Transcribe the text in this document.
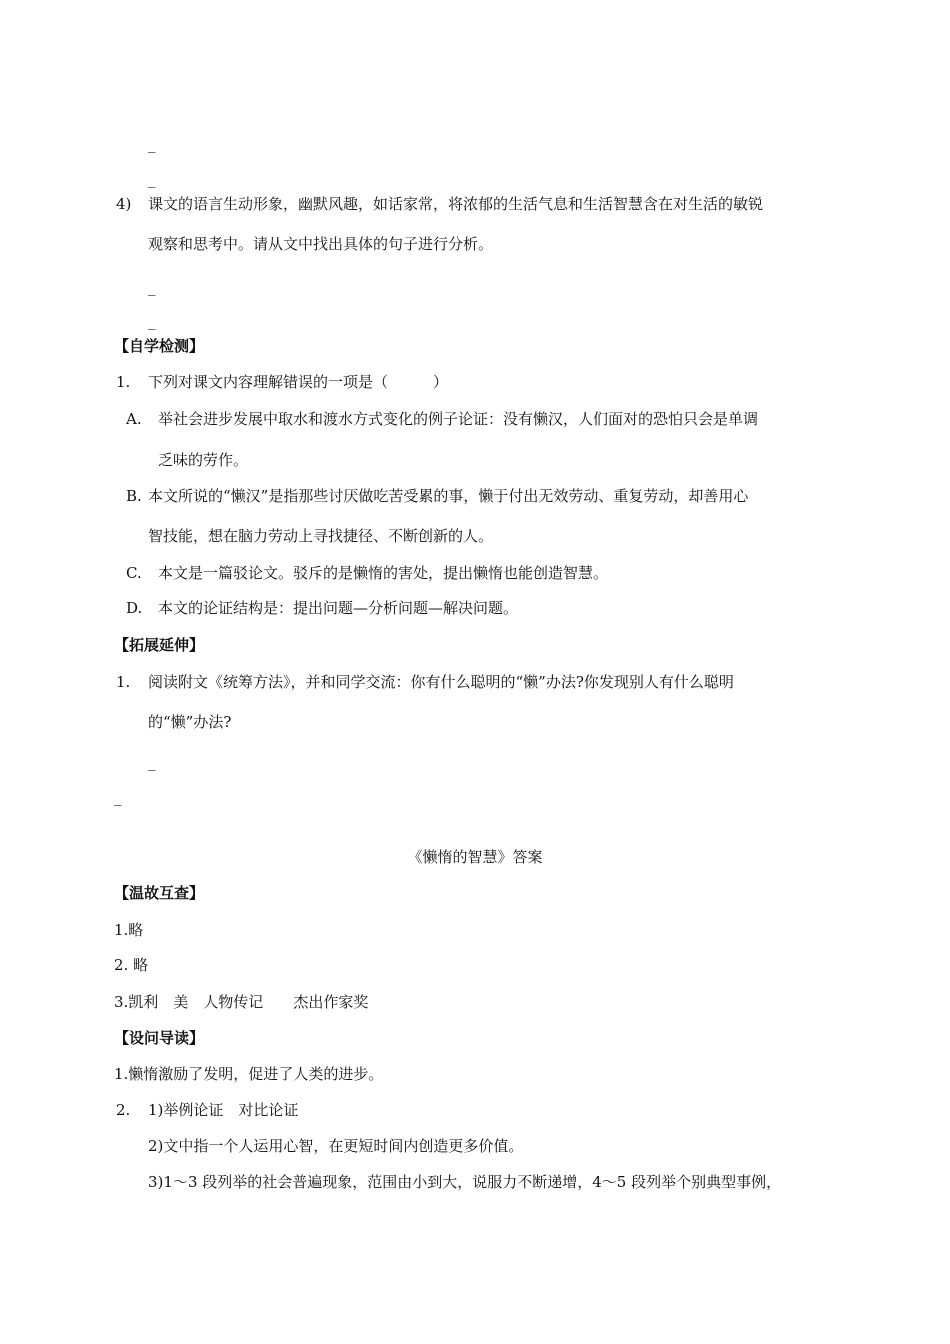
_
_
4) 课文的语言生动形象，幽默风趣，如话家常，将浓郁的生活气息和生活智慧含在对生活的敏锐
观察和思考中。请从文中找出具体的句子进行分析。
_
_
【自学检测】
1. 下列对课文内容理解错误的一项是（　　　）
A. 举社会进步发展中取水和渡水方式变化的例子论证：没有懒汉，人们面对的恐怕只会是单调
乏味的劳作。
B. 本文所说的“懒汉”是指那些讨厌做吃苦受累的事，懒于付出无效劳动、重复劳动，却善用心
智技能，想在脑力劳动上寻找捷径、不断创新的人。
C. 本文是一篇驳论文。驳斥的是懒惰的害处，提出懒惰也能创造智慧。
D. 本文的论证结构是：提出问题—分析问题—解决问题。
【拓展延伸】
1. 阅读附文《统筹方法》，并和同学交流：你有什么聪明的“懒”办法?你发现别人有什么聪明
的“懒”办法?
_
_
《懒惰的智慧》答案
【温故互查】
1.略
2. 略
3.凯利　美　人物传记　　杰出作家奖
【设问导读】
1.懒惰激励了发明，促进了人类的进步。
2. 1)举例论证　对比论证
2)文中指一个人运用心智，在更短时间内创造更多价值。
3)1～3 段列举的社会普遍现象，范围由小到大，说服力不断递增，4～5 段列举个别典型事例，
